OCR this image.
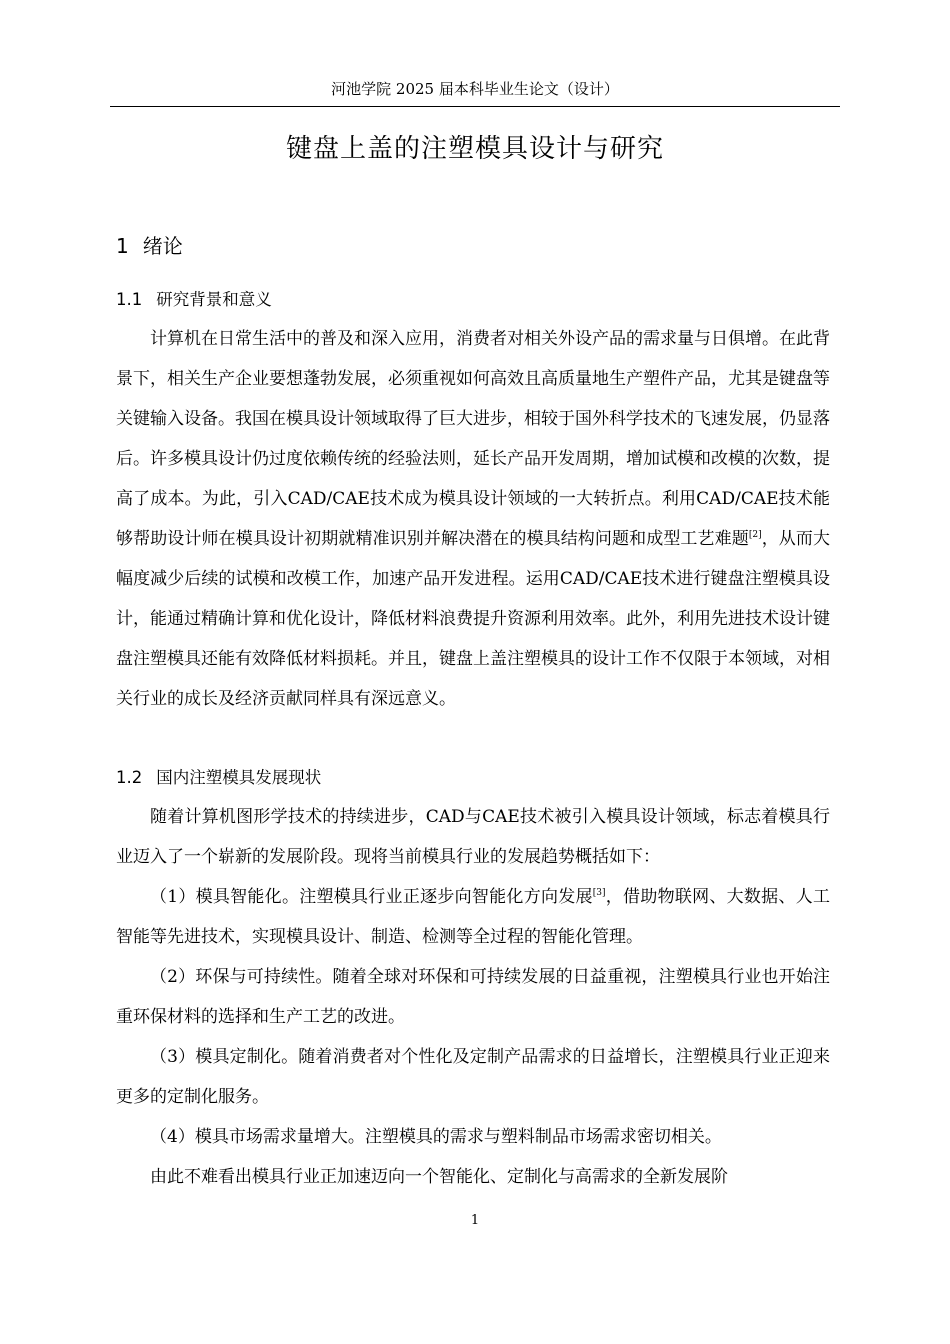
河池学院 2025 届本科毕业生论文（设计）
键盘上盖的注塑模具设计与研究
1 绪论
1.1 研究背景和意义

计算机在日常生活中的普及和深入应用，消费者对相关外设产品的需求量与日俱增。在此背景下，相关生产企业要想蓬勃发展，必须重视如何高效且高质量地生产塑件产品，尤其是键盘等关键输入设备。我国在模具设计领域取得了巨大进步，相较于国外科学技术的飞速发展，仍显落后。许多模具设计仍过度依赖传统的经验法则，延长产品开发周期，增加试模和改模的次数，提高了成本。为此，引入CAD/CAE技术成为模具设计领域的一大转折点。利用CAD/CAE技术能够帮助设计师在模具设计初期就精准识别并解决潜在的模具结构问题和成型工艺难题[2]，从而大幅度减少后续的试模和改模工作，加速产品开发进程。运用CAD/CAE技术进行键盘注塑模具设计，能通过精确计算和优化设计，降低材料浪费提升资源利用效率。此外，利用先进技术设计键盘注塑模具还能有效降低材料损耗。并且，键盘上盖注塑模具的设计工作不仅限于本领域，对相关行业的成长及经济贡献同样具有深远意义。

1.2 国内注塑模具发展现状

随着计算机图形学技术的持续进步，CAD与CAE技术被引入模具设计领域，标志着模具行业迈入了一个崭新的发展阶段。现将当前模具行业的发展趋势概括如下：

（1）模具智能化。注塑模具行业正逐步向智能化方向发展[3]，借助物联网、大数据、人工智能等先进技术，实现模具设计、制造、检测等全过程的智能化管理。

（2）环保与可持续性。随着全球对环保和可持续发展的日益重视，注塑模具行业也开始注重环保材料的选择和生产工艺的改进。

（3）模具定制化。随着消费者对个性化及定制产品需求的日益增长，注塑模具行业正迎来更多的定制化服务。

（4）模具市场需求量增大。注塑模具的需求与塑料制品市场需求密切相关。

由此不难看出模具行业正加速迈向一个智能化、定制化与高需求的全新发展阶

1
